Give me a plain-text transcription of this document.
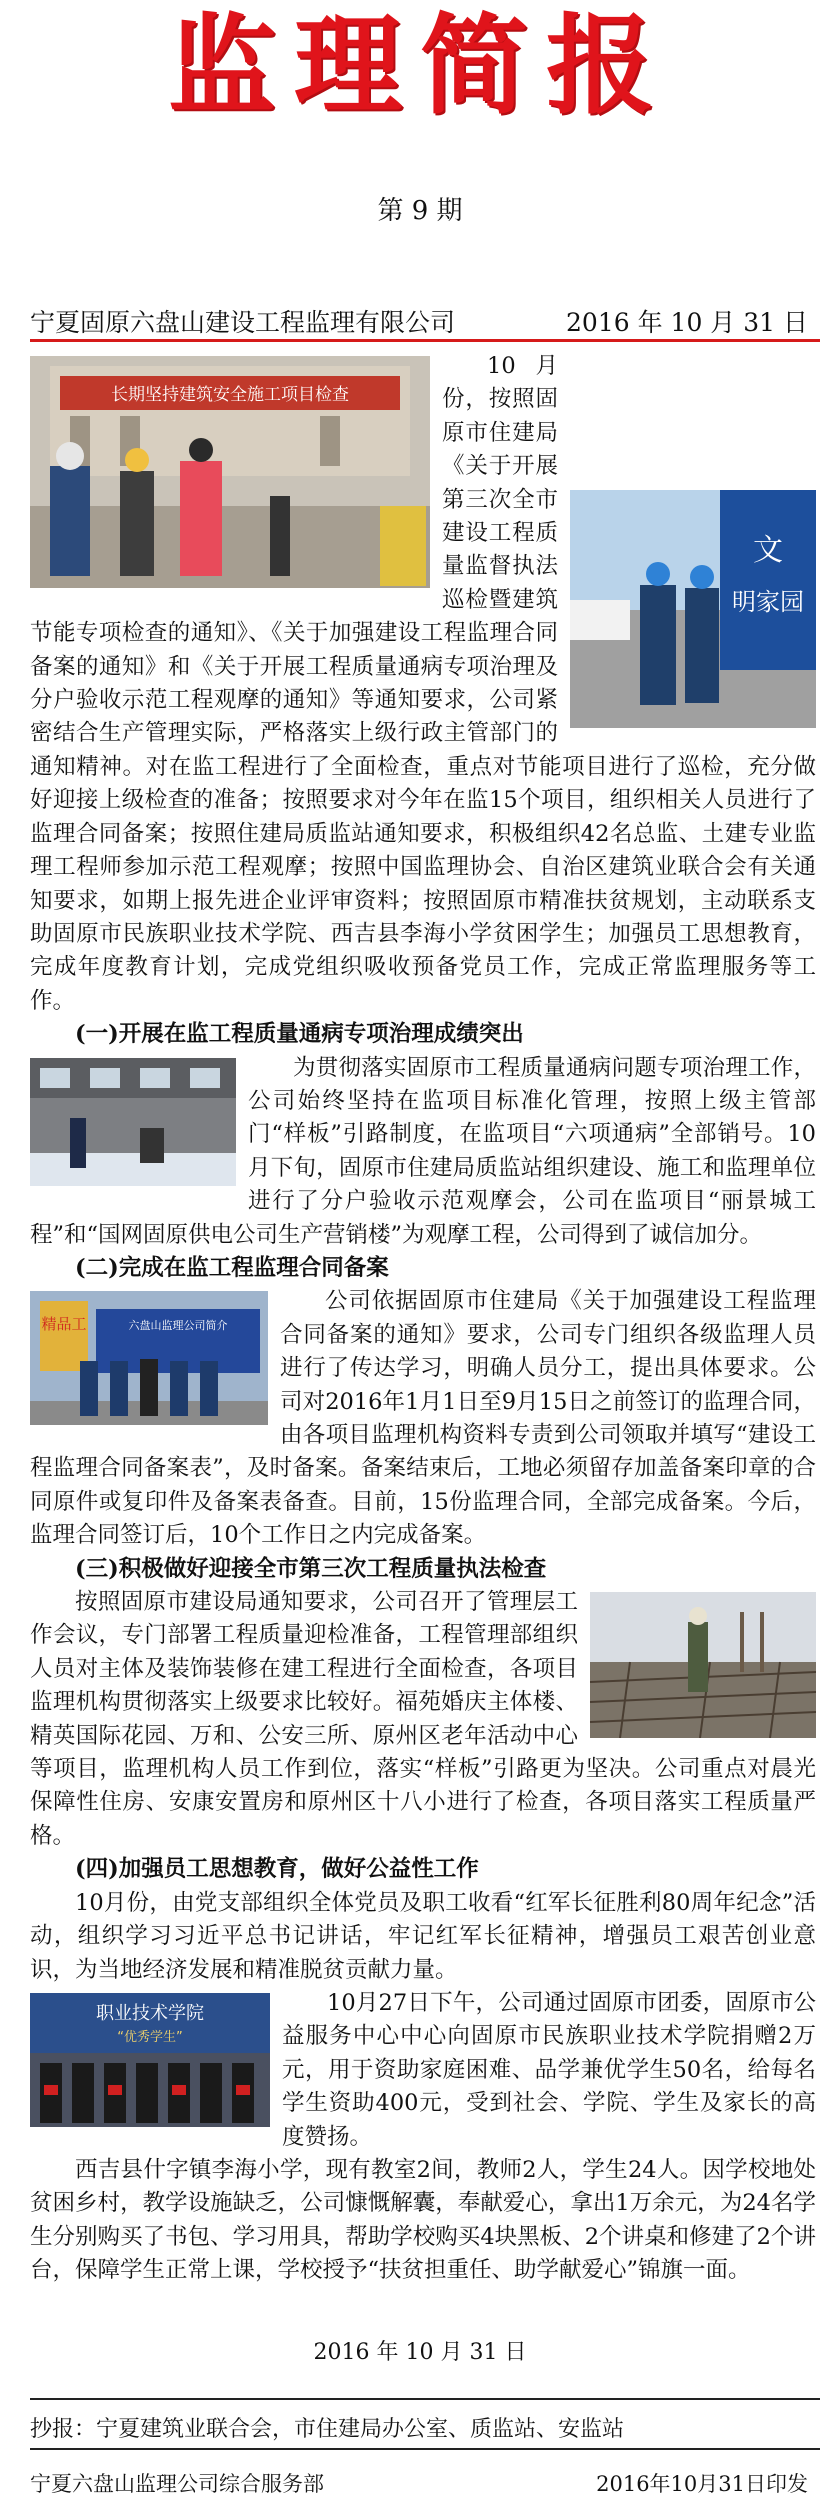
监理简报
第 9 期
宁夏固原六盘山建设工程监理有限公司	2016 年 10 月 31 日
长期坚持建筑安全施工项目检查
文
明家园

10月份，按照固原市住建局《关于开展第三次全市建设工程质量监督执法巡检暨建筑节能专项检查的通知》、《关于加强建设工程监理合同备案的通知》和《关于开展工程质量通病专项治理及分户验收示范工程观摩的通知》等通知要求，公司紧密结合生产管理实际，严格落实上级行政主管部门的通知精神。对在监工程进行了全面检查，重点对节能项目进行了巡检，充分做好迎接上级检查的准备；按照要求对今年在监15个项目，组织相关人员进行了监理合同备案；按照住建局质监站通知要求，积极组织42名总监、土建专业监理工程师参加示范工程观摩；按照中国监理协会、自治区建筑业联合会有关通知要求，如期上报先进企业评审资料；按照固原市精准扶贫规划，主动联系支助固原市民族职业技术学院、西吉县李海小学贫困学生；加强员工思想教育，完成年度教育计划，完成党组织吸收预备党员工作，完成正常监理服务等工作。

(一)开展在监工程质量通病专项治理成绩突出

为贯彻落实固原市工程质量通病问题专项治理工作，公司始终坚持在监项目标准化管理，按照上级主管部门“样板”引路制度，在监项目“六项通病”全部销号。10月下旬，固原市住建局质监站组织建设、施工和监理单位进行了分户验收示范观摩会，公司在监项目“丽景城工程”和“国网固原供电公司生产营销楼”为观摩工程，公司得到了诚信加分。

(二)完成在监工程监理合同备案
精品工	六盘山监理公司简介

公司依据固原市住建局《关于加强建设工程监理合同备案的通知》要求，公司专门组织各级监理人员进行了传达学习，明确人员分工，提出具体要求。公司对2016年1月1日至9月15日之前签订的监理合同，由各项目监理机构资料专责到公司领取并填写“建设工程监理合同备案表”，及时备案。备案结束后，工地必须留存加盖备案印章的合同原件或复印件及备案表备查。目前，15份监理合同，全部完成备案。今后，监理合同签订后，10个工作日之内完成备案。

(三)积极做好迎接全市第三次工程质量执法检查

按照固原市建设局通知要求，公司召开了管理层工作会议，专门部署工程质量迎检准备，工程管理部组织人员对主体及装饰装修在建工程进行全面检查，各项目监理机构贯彻落实上级要求比较好。福苑婚庆主体楼、精英国际花园、万和、公安三所、原州区老年活动中心等项目，监理机构人员工作到位，落实“样板”引路更为坚决。公司重点对晨光保障性住房、安康安置房和原州区十八小进行了检查，各项目落实工程质量严格。

(四)加强员工思想教育，做好公益性工作

10月份，由党支部组织全体党员及职工收看“红军长征胜利80周年纪念”活动，组织学习习近平总书记讲话，牢记红军长征精神，增强员工艰苦创业意识，为当地经济发展和精准脱贫贡献力量。

职业技术学院
“优秀学生”

10月27日下午，公司通过固原市团委，固原市公益服务中心中心向固原市民族职业技术学院捐赠2万元，用于资助家庭困难、品学兼优学生50名，给每名学生资助400元，受到社会、学院、学生及家长的高度赞扬。

西吉县什字镇李海小学，现有教室2间，教师2人，学生24人。因学校地处贫困乡村，教学设施缺乏，公司慷慨解囊，奉献爱心，拿出1万余元，为24名学生分别购买了书包、学习用具，帮助学校购买4块黑板、2个讲桌和修建了2个讲台，保障学生正常上课，学校授予“扶贫担重任、助学献爱心”锦旗一面。

2016 年 10 月 31 日
抄报：宁夏建筑业联合会，市住建局办公室、质监站、安监站
宁夏六盘山监理公司综合服务部	2016年10月31日印发
